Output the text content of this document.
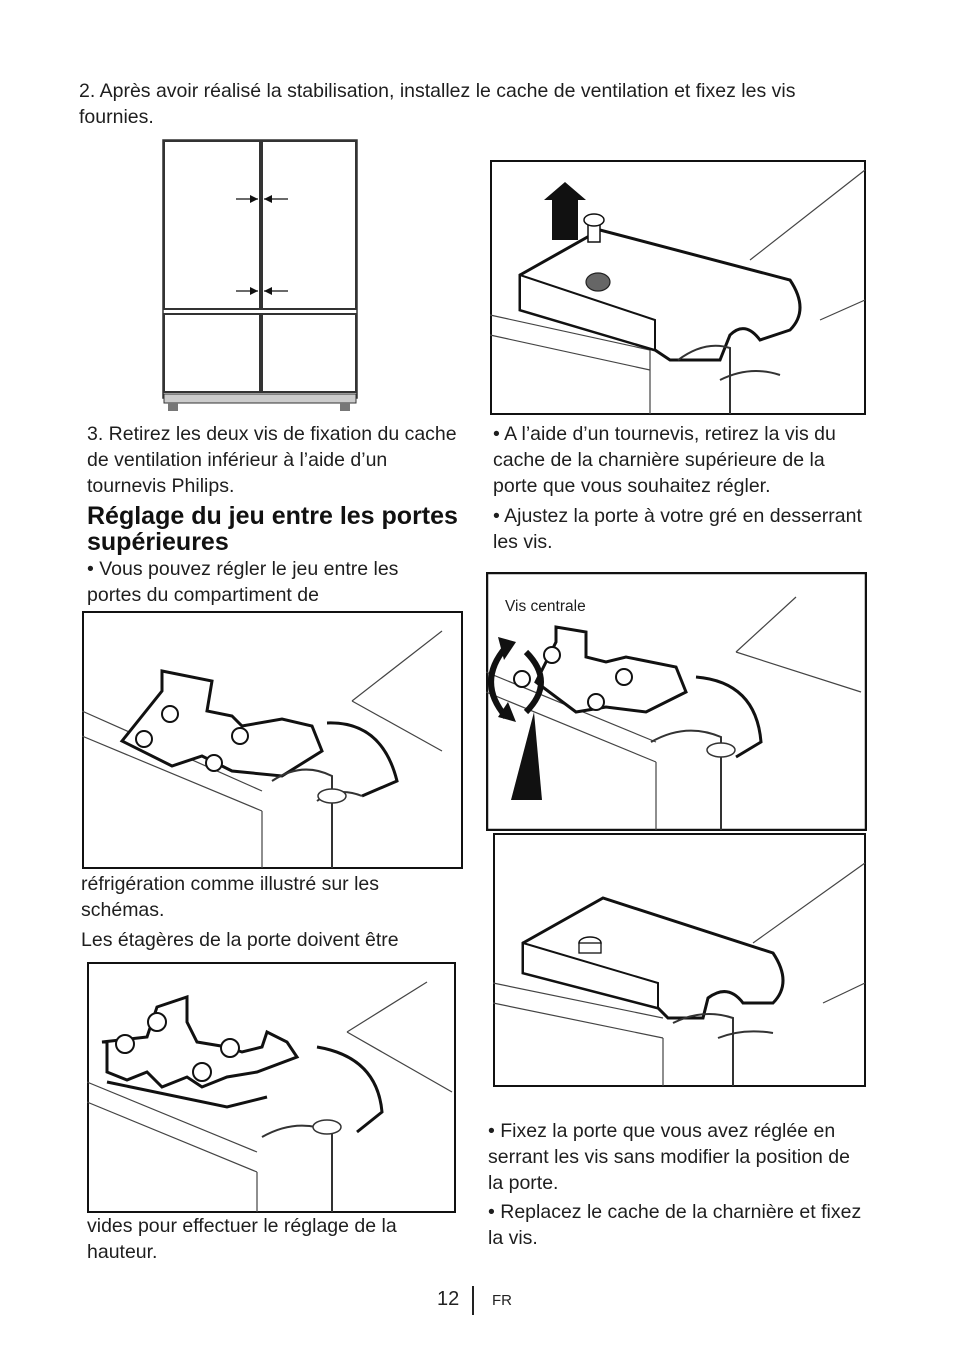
2. Après avoir réalisé la stabilisation, installez le cache de ventilation et fixez les vis fournies.

3. Retirez les deux vis de fixation du cache de ventilation inférieur à l’aide d’un tournevis Philips.

• A l’aide d’un tournevis, retirez la vis du cache de la charnière supérieure de la porte que vous souhaitez régler.

• Ajustez la porte à votre gré en desserrant les vis.

Réglage du jeu entre les portes supérieures

• Vous pouvez régler le jeu entre les portes du compartiment de

Vis centrale

réfrigération comme illustré sur les schémas.

Les étagères de la porte doivent être

• Fixez la porte que vous avez réglée en serrant les vis sans modifier la position de la porte.

• Replacez le cache de la charnière et fixez la vis.

vides pour effectuer le réglage de la hauteur.

12 FR
